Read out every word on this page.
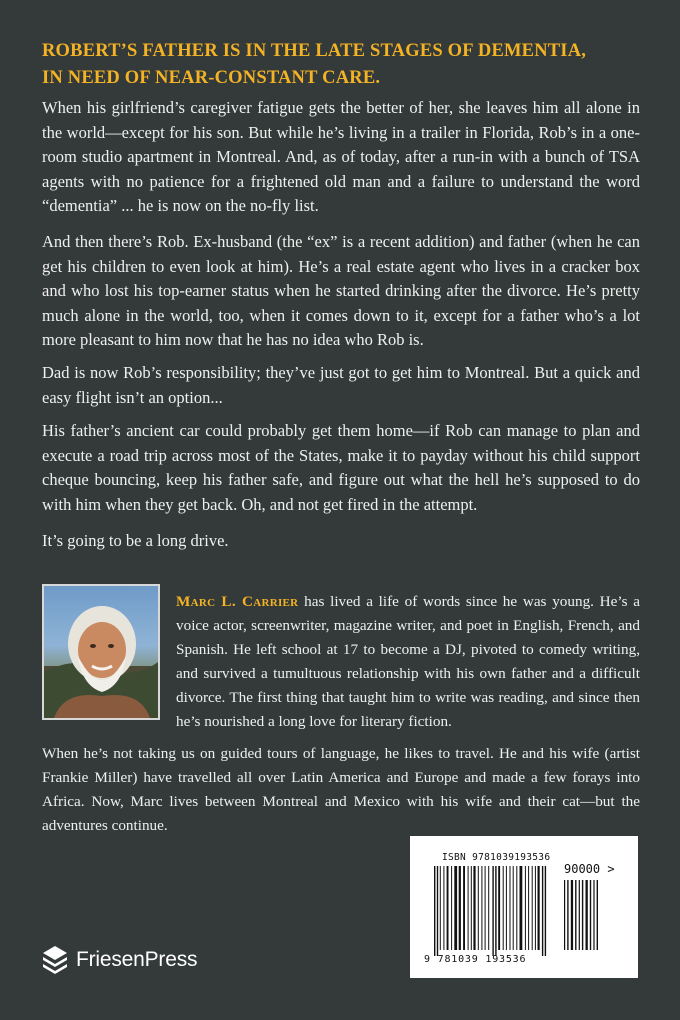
ROBERT’S FATHER IS IN THE LATE STAGES OF DEMENTIA,
IN NEED OF NEAR-CONSTANT CARE.
When his girlfriend’s caregiver fatigue gets the better of her, she leaves him all alone in the world—except for his son. But while he’s living in a trailer in Florida, Rob’s in a one-room studio apartment in Montreal. And, as of today, after a run-in with a bunch of TSA agents with no patience for a frightened old man and a failure to understand the word “dementia” ... he is now on the no-fly list.
And then there’s Rob. Ex-husband (the “ex” is a recent addition) and father (when he can get his children to even look at him). He’s a real estate agent who lives in a cracker box and who lost his top-earner status when he started drinking after the divorce. He’s pretty much alone in the world, too, when it comes down to it, except for a father who’s a lot more pleasant to him now that he has no idea who Rob is.
Dad is now Rob’s responsibility; they’ve just got to get him to Montreal. But a quick and easy flight isn’t an option...
His father’s ancient car could probably get them home—if Rob can manage to plan and execute a road trip across most of the States, make it to payday without his child support cheque bouncing, keep his father safe, and figure out what the hell he’s supposed to do with him when they get back. Oh, and not get fired in the attempt.
It’s going to be a long drive.
Marc L. Carrier has lived a life of words since he was young. He’s a voice actor, screenwriter, magazine writer, and poet in English, French, and Spanish. He left school at 17 to become a DJ, pivoted to comedy writing, and survived a tumultuous relationship with his own father and a difficult divorce. The first thing that taught him to write was reading, and since then he’s nourished a long love for literary fiction.
When he’s not taking us on guided tours of language, he likes to travel. He and his wife (artist Frankie Miller) have travelled all over Latin America and Europe and made a few forays into Africa. Now, Marc lives between Montreal and Mexico with his wife and their cat—but the adventures continue.
FriesenPress
ISBN 9781039193536
90000 >
9 781039 193536
